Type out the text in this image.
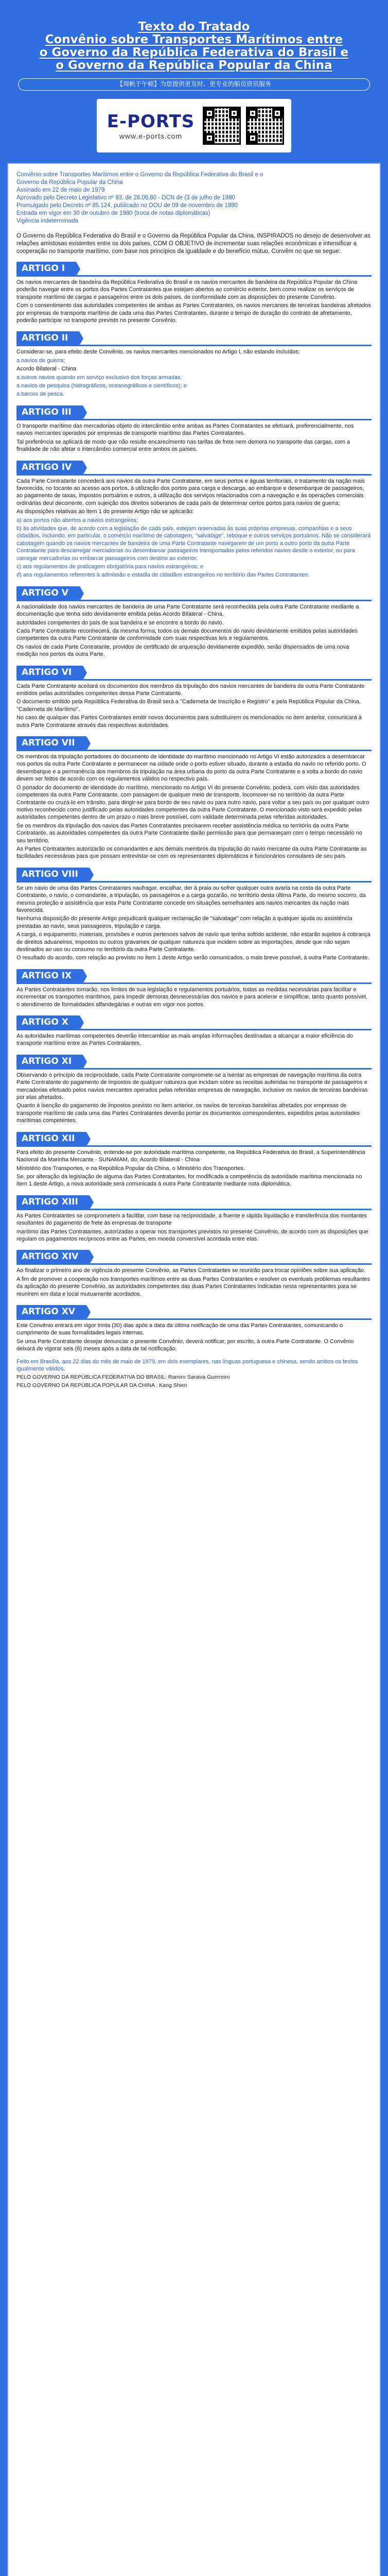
Texto do Tratado
Convênio sobre Transportes Marítimos entre
o Governo da República Federativa do Brasil e
o Governo da República Popular da China
【周帆于午顿】为您提供更及时、更专业的船员资讯服务
E-PORTS
www.e-ports.com

Convênio sobre Transportes Marítimos entre o Governo da República Federativa do Brasil e o

Governo da República Popular da China

Assinado em 22 de maio de 1979

Aprovado pelo Decreto Legislativo nº 93, de 28.06.80 - DCN de (3 de julho de 1980

Promulgado pelo Decreto nº 85.124, publicado no DOU de 09 de novembro de 1980

Entrada em vigor em 30 de outubro de 1980 (troca de notas diplomáticas)

Vigência indeterminada

O Governo da República Federativa do Brasil e o Governo da República Popular da China, INSPIRADOS no desejo de desenvolver as relações amistosas existentes entre os dois países, COM O OBJETIVO de incrementar suas relações econômicas e intensificar a cooperação no transporte marítimo, com base nos princípios da igualdade e do benefício mútuo, Convêm no que se segue:

ARTIGO I

Os navios mercantes de bandeira da República Federativa do Brasil e os navios mercantes de bandeira da República Popular da China poderão navegar entre os portos dos Partes Contratantes que estejam abertos ao comércio exterior, bem como realizar os serviços de transporte marítimo de cargas e passageiros entre os dois países, de conformidade com as disposições do presente Convênio.

Com o consentimento das autoridades competentes de ambas as Partes Contratantes, os navios mercantes de terceiras bandeiras afretados por empresas de transporte marítimo de cada uma das Partes Contratantes, durante o tempo de duração do contrato de afretamento, poderão participar no transporte previsto no presente Convênio.

ARTIGO II

Considerar-se, para efeito deste Convênio, os navios mercantes mencionados no Artigo I, não estando incluídos:

a.navios de guerra;

Acordo Bilateral - China

a.outros navios quando em serviço exclusivo dos forças armadas;

a.navios de pesquisa (hidrográficos, oceanográficos e científicos); e

a.barcos de pesca.

ARTIGO III

O transporte marítimo das mercadorias objeto do intercâmbio entre ambas as Partes Contratantes se efetuará, preferencialmente, nos navios mercantes operados por empresas de transporte marítimo das Partes Contratantes.

Tal preferência se aplicará de modo que não resulte encarecimento nas tarifas de frete nem demora no transporte das cargas, com a finalidade de não afetar o intercâmbio comercial entre ambos os países.

ARTIGO IV

Cada Parte Contratante concederá aos navios da outra Parte Contratante, em seus portos e águas territoriais, o tratamento da nação mais favorecida, no tocante ao acesso aos portos, à utilização dos portos para carga e descarga, ao embarque e desembarque de passageiros, ao pagamento de taxas, impostos portuários e outros, à utilização dos serviços relacionados com a navegação e às operações comerciais ordinárias deul decorrente, com sujeição dos direitos soberanos de cada país de determinar certos portos para navios de guerra;

As disposições relativas ao item 1 do presente Artigo não se aplicarão:

a) aos portos não abertos a navios estrangeiros;

b) às atividades que, de acordo com a legislação de cada país, estejam reservadas às suas próprias empresas, companhias e a seus cidadãos, incluindo, em particular, o comércio marítimo de cabotagem, "salvatage", reboque e outros serviços portuários. Não se considerará cabotagem quando os navios mercantes de bandeira de uma Parte Contratante navegarem de um porto a outro porto da outra Parte Contratante para descarregar mercadorias ou desembarcar passageiros transportados pelos referidos navios desde o exterior, ou para carregar mercadorias ou embarcar passageiros com destino ao exterior;

c) aos regulamentos de praticagem obrigatória para navios estrangeiros; e

d) aos regulamentos referentes à admissão e estadia de cidadãos estrangeiros no território das Partes Contratantes.

ARTIGO V

A nacionalidade dos navios mercantes de bandeira de uma Parte Contratante será reconhecida pela outra Parte Contratante mediante a documentação que tenha sido devidamente emitida pelas Acordo Bilateral - China.

autoridades competentes do país de sua bandeira e se encontre a bordo do navio.

Cada Parte Contratante reconhecerá, da mesma forma, todos os demais documentos do navio devidamente emitidos pelas autoridades competentes da outra Parte Contratante de conformidade com suas respectivas leis e regulamentos.

Os navios de cada Parte Contratante, providos de certificado de arqueação devidamente expedido, serão dispensados de uma nova medição nos portos da outra Parte.

ARTIGO VI

Cada Parte Contratante aceitará os documentos dos membros da tripulação dos navios mercantes de bandeira da outra Parte Contratante emitidos pelas autoridades competentes dessa Parte Contratante.

O documento emitido pela República Federativa do Brasil será a "Caderneta de Inscrição e Registro" e pela República Popular da China, "Caderneta de Marítimo".

No caso de qualquer das Partes Contratantes emitir novos documentos para substituírem os mencionados no item anterior, comunicará à outra Parte Contratante através das respectivas autoridades.

ARTIGO VII

Os membros da tripulação portadores do documento de identidade do marítimo mencionado no Artigo VI estão autorizados a desembarcar nos portos da outra Parte Contratante e permanecer na cidade onde o porto estiver situado, durante a estadia do navio no referido porto. O desembarque e a permanência dos membros da tripulação na área urbana do porto da outra Parte Contratante e a volta a bordo do navio devem ser feitos de acordo com os regulamentos válidos no respectivo país.

O portador do documento de identidade do marítimo, mencionado no Artigo VI do presente Convênio, poderá, com visto das autoridades competentes da outra Parte Contratante, com passagem de qualquer meio de transporte, locomover-se no território da outra Parte Contratante ou cruzá-lo em trânsito, para dirigir-se para bordo de seu navio ou para outro navio, para voltar a seu país ou por qualquer outro motivo reconhecido como justificado pelas autoridades competentes da outra Parte Contratante. O mencionado visto será expedido pelas autoridades competentes dentro de um prazo o mais breve possível, com validade determinada pelas referidas autoridades.

Se os membros da tripulação dos navios das Partes Contratantes precisarem receber assistência médica no território da outra Parte Contratante, as autoridades competentes da outra Parte Contratante darão permissão para que permaneçam com o tempo necessário no seu território.

As Partes Contratantes autorizarão os comandantes e aos demais membros da tripulação do navio mercante da outra Parte Contratante as facilidades necessárias para que possam entrevistar-se com os representantes diplomáticos e funcionários consulares de seu país.

ARTIGO VIII

Se um navio de uma das Partes Contratantes naufragar, encalhar, der à praia ou sofrer qualquer outra avaria na costa da outra Parte Contratante, o navio, o comandante, a tripulação, os passageiros e a carga gozarão, no território desta última Parte, do mesmo socorro, da mesma proteção e assistência que esta Parte Contratante concede em situações semelhantes aos navios mercantes da nação mais favorecida.

Nenhuma disposição do presente Artigo prejudicará qualquer reclamação de "salvatage" com relação a qualquer ajuda ou assistência prestadas ao navio, seus passageiros, tripulação e carga.

A carga, o equipamento, materiais, provisões e outros pertences salvos de navio que tenha sofrido acidente, não estarão sujeitos à cobrança de direitos aduaneiros, impostos ou outros gravames de qualquer natureza que incidem sobre as importações, desde que não sejam destinados ao uso ou consumo no território da outra Parte Contratante.

O resultado do acordo, com relação ao previsto no item 1 deste Artigo serão comunicados, o mais breve possível, à outra Parte Contratante.

ARTIGO IX

As Partes Contratantes tomarão, nos limites de sua legislação e regulamentos portuários, todas as medidas necessárias para facilitar e incrementar os transportes marítimos, para impedir demoras desnecessárias dos navios e para acelerar e simplificar, tanto quanto possível, o atendimento de formalidades alfandegárias e outras em vigor nos portos.

ARTIGO X

As autoridades marítimas competentes deverão intercambiar as mais amplas informações destinadas a alcançar a maior eficiência do transporte marítimo entre as Partes Contratantes.

ARTIGO XI

Observando o princípio da reciprocidade, cada Parte Contratante compromete-se a isentar as empresas de navegação marítima da outra Parte Contratante do pagamento de impostos de qualquer natureza que incidam sobre as receitas auferidas no transporte de passageiros e mercadorias efetuado pelos navios mercantes operados pelas referidas empresas de navegação, inclusive os navios de terceiras bandeiras por elas afretados.

Quanto à isenção do pagamento de impostos previsto no item anterior, os navios de terceiras bandeiras afretados por empresas de transporte marítimo de cada uma das Partes Contratantes deverão portar os documentos correspondentes, expedidos pelas autoridades marítimas competentes.

ARTIGO XII

Para efeito do presente Convênio, entende-se por autoridade marítima competente, na República Federativa do Brasil, a Superintendência Nacional da Marinha Mercante - SUNAMAM, do; Acordo Bilateral - China

Ministério dos Transportes, e na República Popular da China, o Ministério dos Transportes.

Se, por alteração da legislação de alguma das Partes Contratantes, for modificada a competência da autoridade marítima mencionada no item 1 deste Artigo, a nova autoridade será comunicada à outra Parte Contratante mediante nota diplomática.

ARTIGO XIII

As Partes Contratantes se comprometem a facilitar, com base na reciprocidade, a fluente e rápida liquidação e transferência dos montantes resultantes do pagamento de frete às empresas de transporte

marítimo das Partes Contratantes, autorizadas a operar nos transportes previstos no presente Convênio, de acordo com as disposições que regulam os pagamentos recíprocos entre as Partes, em moeda conversível acordada entre elas.

ARTIGO XIV

Ao finalizar o primeiro ano de vigência do presente Convênio, as Partes Contratantes se reunirão para trocar opiniões sobre sua aplicação.

A fim de promover a cooperação nos transportes marítimos entre as duas Partes Contratantes e resolver os eventuais problemas resultantes da aplicação do presente Convênio, as autoridades competentes das duas Partes Contratantes indicadas nesta representantes para se reunirem em data e local mutuamente acordados.

ARTIGO XV

Este Convênio entrará em vigor trinta (30) dias após a data da última notificação de uma das Partes Contratantes, comunicando o cumprimento de suas formalidades legais internas.

Se uma Parte Contratante desejar denunciar o presente Convênio, deverá notificar, por escrito, à outra Parte Contratante. O Convênio deixará de vigorar seis (6) meses após a data de tal notificação.

Feito em Brasília, aos 22 dias do mês de maio de 1979, em dois exemplares, nas línguas portuguesa e chinesa, sendo ambos os textos igualmente válidos.

PELO GOVERNO DA REPÚBLICA FEDERATIVA DO BRASIL: Ramiro Saraiva Guerreiro

PELO GOVERNO DA REPÚBLICA POPULAR DA CHINA : Kang Shien
